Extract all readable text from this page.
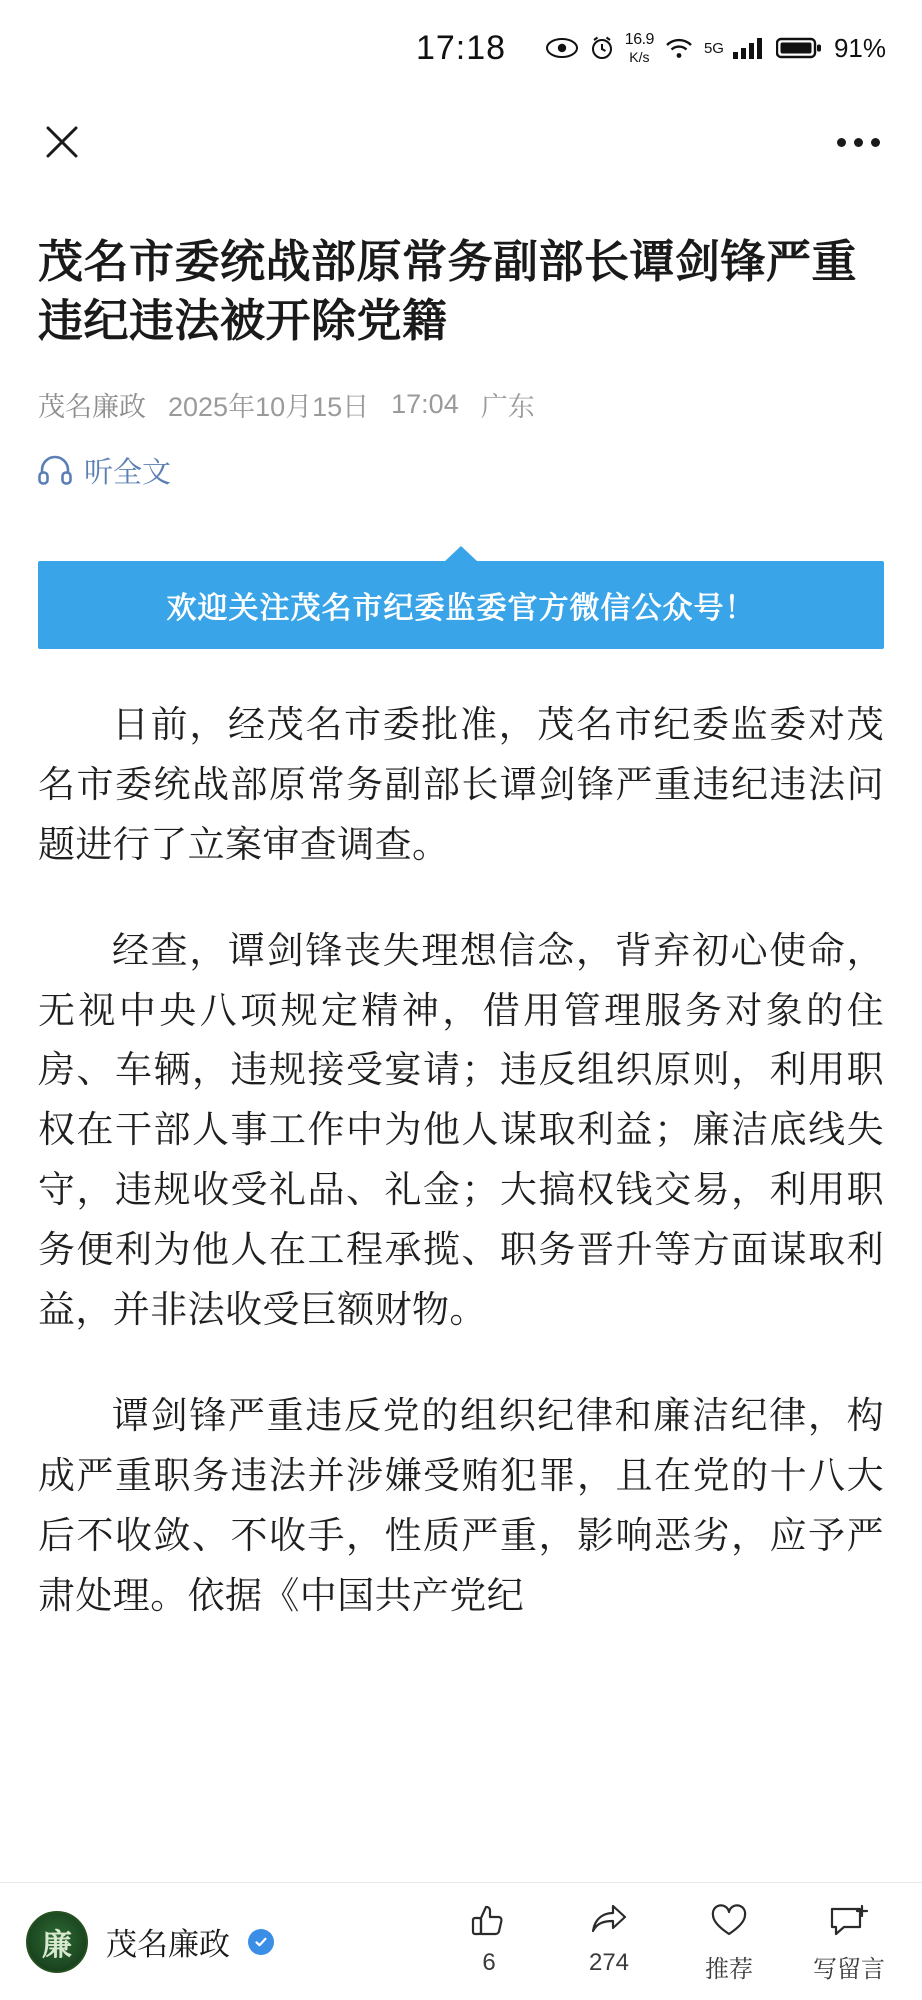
17:18	16.9
K/s
5G	91%
茂名市委统战部原常务副部长谭剑锋严重违纪违法被开除党籍
茂名廉政 2025年10月15日 17:04 广东
听全文
欢迎关注茂名市纪委监委官方微信公众号！

日前，经茂名市委批准，茂名市纪委监委对茂名市委统战部原常务副部长谭剑锋严重违纪违法问题进行了立案审查调查。

经查，谭剑锋丧失理想信念，背弃初心使命，无视中央八项规定精神，借用管理服务对象的住房、车辆，违规接受宴请；违反组织原则，利用职权在干部人事工作中为他人谋取利益；廉洁底线失守，违规收受礼品、礼金；大搞权钱交易，利用职务便利为他人在工程承揽、职务晋升等方面谋取利益，并非法收受巨额财物。

谭剑锋严重违反党的组织纪律和廉洁纪律，构成严重职务违法并涉嫌受贿犯罪，且在党的十八大后不收敛、不收手，性质严重，影响恶劣，应予严肃处理。依据《中国共产党纪

廉	茂名廉政
6	274	推荐	写留言
